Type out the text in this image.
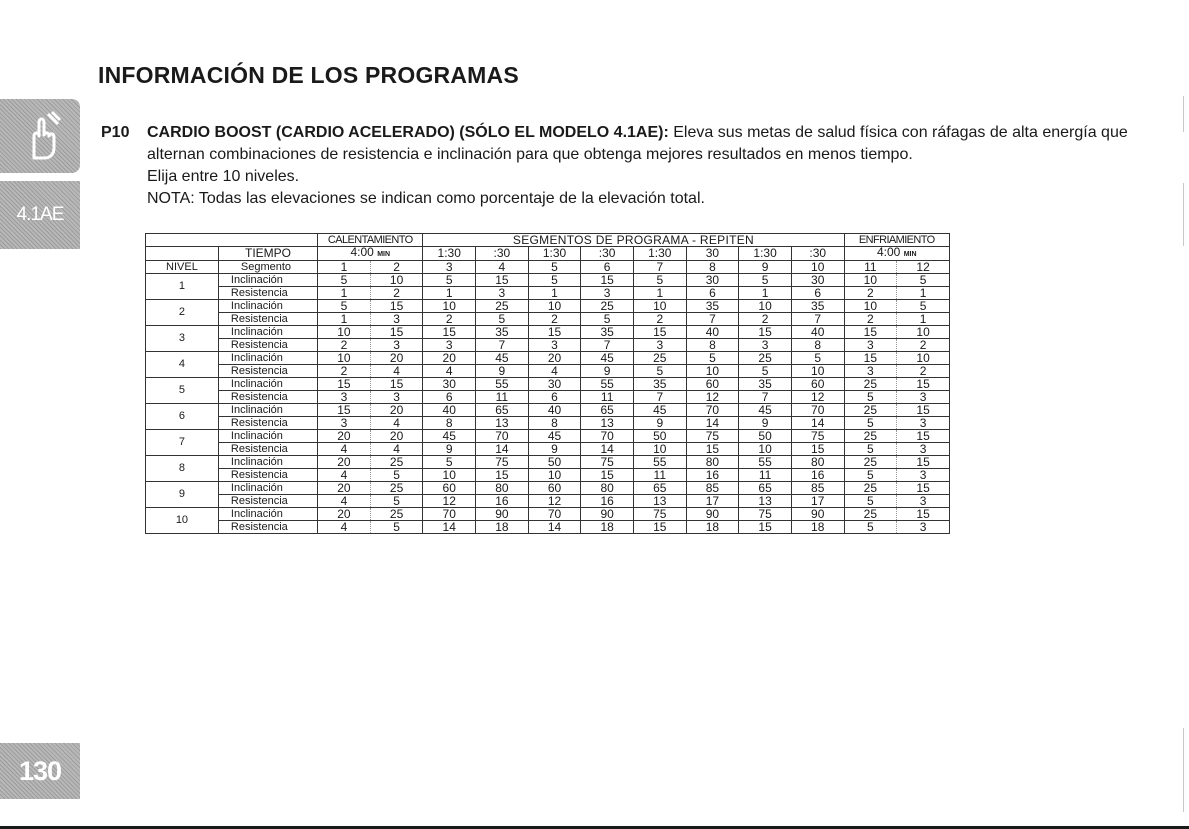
4.1AE
130
INFORMACIÓN DE LOS PROGRAMAS
P10 CARDIO BOOST (CARDIO ACELERADO) (SÓLO EL MODELO 4.1AE): Eleva sus metas de salud física con ráfagas de alta energía que alternan combinaciones de resistencia e inclinación para que obtenga mejores resultados en menos tiempo.

Elija entre 10 niveles.

NOTA: Todas las elevaciones se indican como porcentaje de la elevación total.

		CALENTAMIENTO		SEGMENTOS DE PROGRAMA - REPITEN								ENFRIAMIENTO	
	TIEMPO	4:00 MIN		1:30	:30	1:30	:30	1:30	30	1:30	:30	4:00 MIN	
NIVEL	Segmento	1	2	3	4	5	6	7	8	9	10	11	12
1	Inclinación	5	10	5	15	5	15	5	30	5	30	10	5
	Resistencia	1	2	1	3	1	3	1	6	1	6	2	1
2	Inclinación	5	15	10	25	10	25	10	35	10	35	10	5
	Resistencia	1	3	2	5	2	5	2	7	2	7	2	1
3	Inclinación	10	15	15	35	15	35	15	40	15	40	15	10
	Resistencia	2	3	3	7	3	7	3	8	3	8	3	2
4	Inclinación	10	20	20	45	20	45	25	5	25	5	15	10
	Resistencia	2	4	4	9	4	9	5	10	5	10	3	2
5	Inclinación	15	15	30	55	30	55	35	60	35	60	25	15
	Resistencia	3	3	6	11	6	11	7	12	7	12	5	3
6	Inclinación	15	20	40	65	40	65	45	70	45	70	25	15
	Resistencia	3	4	8	13	8	13	9	14	9	14	5	3
7	Inclinación	20	20	45	70	45	70	50	75	50	75	25	15
	Resistencia	4	4	9	14	9	14	10	15	10	15	5	3
8	Inclinación	20	25	5	75	50	75	55	80	55	80	25	15
	Resistencia	4	5	10	15	10	15	11	16	11	16	5	3
9	Inclinación	20	25	60	80	60	80	65	85	65	85	25	15
	Resistencia	4	5	12	16	12	16	13	17	13	17	5	3
10	Inclinación	20	25	70	90	70	90	75	90	75	90	25	15
	Resistencia	4	5	14	18	14	18	15	18	15	18	5	3
